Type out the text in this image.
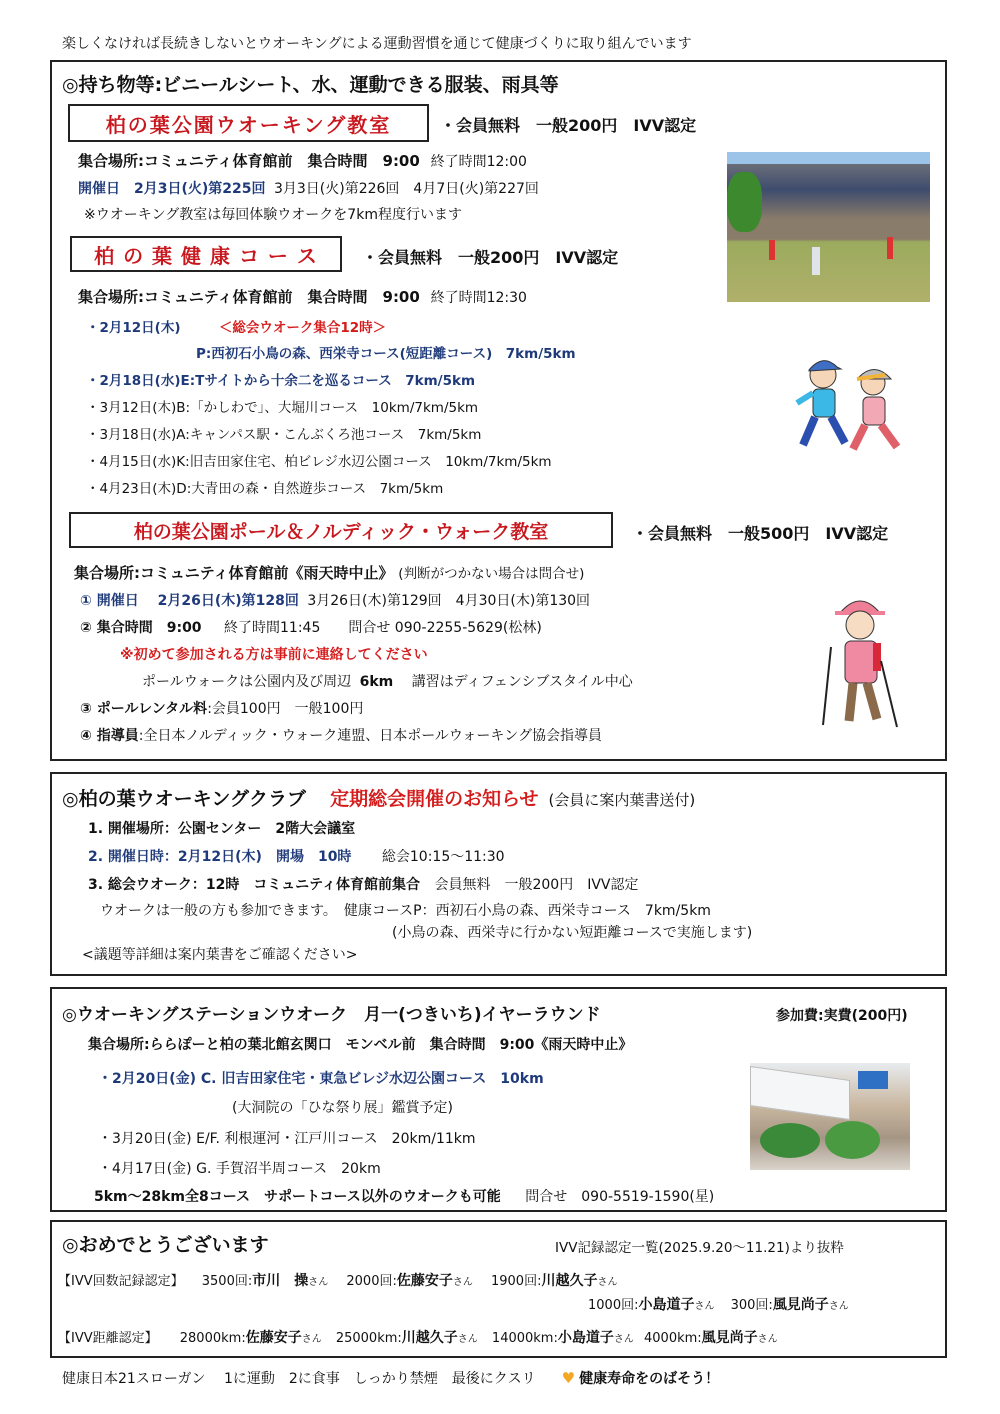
楽しくなければ長続きしないとウオーキングによる運動習慣を通じて健康づくりに取り組んでいます
◎持ち物等:ビニールシート、水、運動できる服装、雨具等
柏の葉公園ウオーキング教室	・会員無料　一般200円　IVV認定
集合場所:コミュニティ体育館前　集合時間　9:00 終了時間12:00
開催日　2月3日(火)第225回 3月3日(火)第226回　4月7日(火)第227回
※ウオーキング教室は毎回体験ウオークを7km程度行います
柏 の 葉 健 康 コ ー ス	・会員無料　一般200円　IVV認定
集合場所:コミュニティ体育館前　集合時間　9:00 終了時間12:30
・2月12日(木)	＜総会ウオーク集合12時＞
P:西初石小鳥の森、西栄寺コース(短距離コース)　7km/5km
・2月18日(水)E:Tサイトから十余二を巡るコース　7km/5km
・3月12日(木)B:「かしわで」、大堀川コース　10km/7km/5km
・3月18日(水)A:キャンパス駅・こんぶくろ池コース　7km/5km
・4月15日(水)K:旧吉田家住宅、柏ビレジ水辺公園コース　10km/7km/5km
・4月23日(木)D:大青田の森・自然遊歩コース　7km/5km
柏の葉公園ポール＆ノルディック・ウォーク教室	・会員無料　一般500円　IVV認定
集合場所:コミュニティ体育館前《雨天時中止》 (判断がつかない場合は問合せ)
① 開催日　 2月26日(木)第128回 3月26日(木)第129回　4月30日(木)第130回
② 集合時間　9:00 終了時間11:45　　問合せ 090-2255-5629(松林)
※初めて参加される方は事前に連絡してください
ポールウォークは公園内及び周辺 6km 講習はディフェンシブスタイル中心
③ ポールレンタル料:会員100円　一般100円
④ 指導員:全日本ノルディック・ウォーク連盟、日本ポールウォーキング協会指導員
◎柏の葉ウオーキングクラブ 定期総会開催のお知らせ (会員に案内葉書送付)
1. 開催場所：公園センター　2階大会議室
2. 開催日時：2月12日(木)　開場　10時 総会10:15〜11:30
3. 総会ウオーク：12時　コミュニティ体育館前集合 会員無料　一般200円　IVV認定
ウオークは一般の方も参加できます。　健康コースP：西初石小鳥の森、西栄寺コース　7km/5km
(小鳥の森、西栄寺に行かない短距離コースで実施します)
<議題等詳細は案内葉書をご確認ください>
◎ウオーキングステーションウオーク　月一(つきいち)イヤーラウンド	参加費:実費(200円)
集合場所:ららぽーと柏の葉北館玄関口　モンベル前　集合時間　9:00《雨天時中止》
・2月20日(金) C. 旧吉田家住宅・東急ビレジ水辺公園コース　10km
(大洞院の「ひな祭り展」鑑賞予定)
・3月20日(金) E/F. 利根運河・江戸川コース　20km/11km
・4月17日(金) G. 手賀沼半周コース　20km
5km〜28km全8コース　サポートコース以外のウオークも可能 問合せ　090-5519-1590(星)
◎おめでとうございます	IVV記録認定一覧(2025.9.20〜11.21)より抜粋
【IVV回数記録認定】 3500回:市川　操さん 2000回:佐藤安子さん 1900回:川越久子さん
1000回:小島道子さん 300回:風見尚子さん
【IVV距離認定】 28000km:佐藤安子さん 25000km:川越久子さん 14000km:小島道子さん 4000km:風見尚子さん
健康日本21スローガン　 1に運動　2に食事　しっかり禁煙　最後にクスリ ♥ 健康寿命をのばそう！
